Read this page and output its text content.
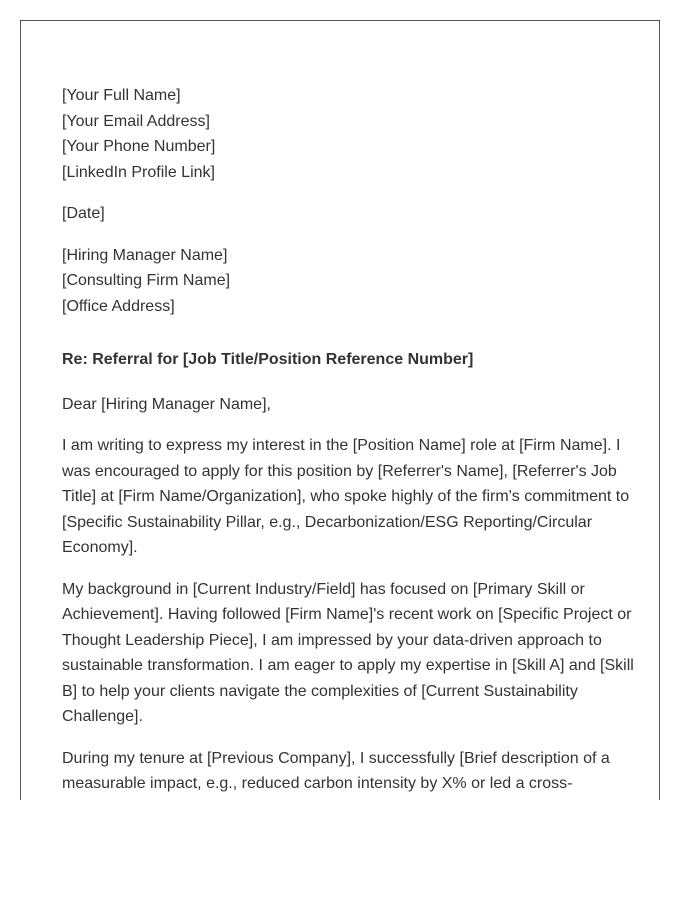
[Your Full Name]
[Your Email Address]
[Your Phone Number]
[LinkedIn Profile Link]
[Date]
[Hiring Manager Name]
[Consulting Firm Name]
[Office Address]
Re: Referral for [Job Title/Position Reference Number]

Dear [Hiring Manager Name],

I am writing to express my interest in the [Position Name] role at [Firm Name]. I was encouraged to apply for this position by [Referrer's Name], [Referrer's Job Title] at [Firm Name/Organization], who spoke highly of the firm's commitment to [Specific Sustainability Pillar, e.g., Decarbonization/ESG Reporting/Circular Economy].

My background in [Current Industry/Field] has focused on [Primary Skill or Achievement]. Having followed [Firm Name]'s recent work on [Specific Project or Thought Leadership Piece], I am impressed by your data-driven approach to sustainable transformation. I am eager to apply my expertise in [Skill A] and [Skill B] to help your clients navigate the complexities of [Current Sustainability Challenge].

During my tenure at [Previous Company], I successfully [Brief description of a measurable impact, e.g., reduced carbon intensity by X% or led a cross-
